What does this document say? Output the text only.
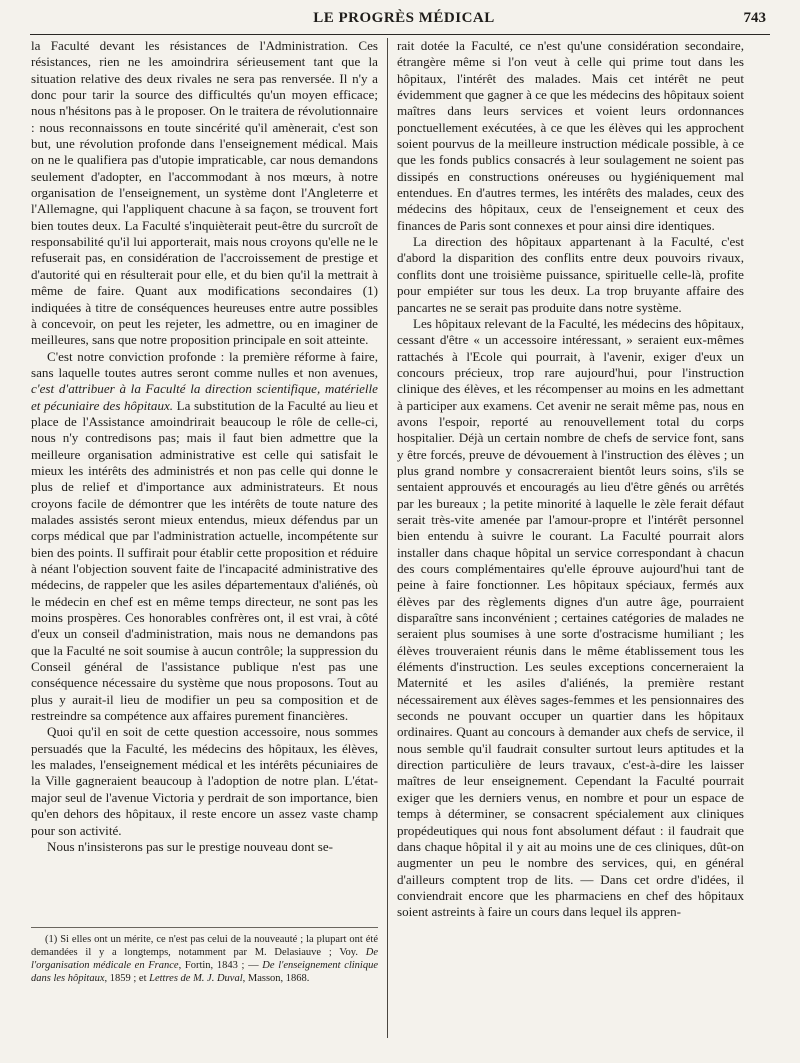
LE PROGRÈS MÉDICAL	743

la Faculté devant les résistances de l'Administration. Ces résistances, rien ne les amoindrira sérieusement tant que la situation relative des deux rivales ne sera pas renversée. Il n'y a donc pour tarir la source des difficultés qu'un moyen efficace; nous n'hésitons pas à le proposer. On le traitera de révolutionnaire : nous reconnaissons en toute sincérité qu'il amènerait, c'est son but, une révolution profonde dans l'enseignement médical. Mais on ne le qualifiera pas d'utopie impraticable, car nous demandons seulement d'adopter, en l'accommodant à nos mœurs, à notre organisation de l'enseignement, un système dont l'Angleterre et l'Allemagne, qui l'appliquent chacune à sa façon, se trouvent fort bien toutes deux. La Faculté s'inquièterait peut-être du surcroît de responsabilité qu'il lui apporterait, mais nous croyons qu'elle ne le refuserait pas, en considération de l'accroissement de prestige et d'autorité qui en résulterait pour elle, et du bien qu'il la mettrait à même de faire. Quant aux modifications secondaires (1) indiquées à titre de conséquences heureuses entre autre possibles à concevoir, on peut les rejeter, les admettre, ou en imaginer de meilleures, sans que notre proposition principale en soit atteinte.

C'est notre conviction profonde : la première réforme à faire, sans laquelle toutes autres seront comme nulles et non avenues, c'est d'attribuer à la Faculté la direction scientifique, matérielle et pécuniaire des hôpitaux. La substitution de la Faculté au lieu et place de l'Assistance amoindrirait beaucoup le rôle de celle-ci, nous n'y contredisons pas; mais il faut bien admettre que la meilleure organisation administrative est celle qui satisfait le mieux les intérêts des administrés et non pas celle qui donne le plus de relief et d'importance aux administrateurs. Et nous croyons facile de démontrer que les intérêts de toute nature des malades assistés seront mieux entendus, mieux défendus par un corps médical que par l'administration actuelle, incompétente sur bien des points. Il suffirait pour établir cette proposition et réduire à néant l'objection souvent faite de l'incapacité administrative des médecins, de rappeler que les asiles départementaux d'aliénés, où le médecin en chef est en même temps directeur, ne sont pas les moins prospères. Ces honorables confrères ont, il est vrai, à côté d'eux un conseil d'administration, mais nous ne demandons pas que la Faculté ne soit soumise à aucun contrôle; la suppression du Conseil général de l'assistance publique n'est pas une conséquence nécessaire du système que nous proposons. Tout au plus y aurait-il lieu de modifier un peu sa composition et de restreindre sa compétence aux affaires purement financières.

Quoi qu'il en soit de cette question accessoire, nous sommes persuadés que la Faculté, les médecins des hôpitaux, les élèves, les malades, l'enseignement médical et les intérêts pécuniaires de la Ville gagneraient beaucoup à l'adoption de notre plan. L'état-major seul de l'avenue Victoria y perdrait de son importance, bien qu'en dehors des hôpitaux, il reste encore un assez vaste champ pour son activité.

Nous n'insisterons pas sur le prestige nouveau dont se-

rait dotée la Faculté, ce n'est qu'une considération secondaire, étrangère même si l'on veut à celle qui prime tout dans les hôpitaux, l'intérêt des malades. Mais cet intérêt ne peut évidemment que gagner à ce que les médecins des hôpitaux soient maîtres dans leurs services et voient leurs ordonnances ponctuellement exécutées, à ce que les élèves qui les approchent soient pourvus de la meilleure instruction médicale possible, à ce que les fonds publics consacrés à leur soulagement ne soient pas dissipés en constructions onéreuses ou hygiéniquement mal entendues. En d'autres termes, les intérêts des malades, ceux des médecins des hôpitaux, ceux de l'enseignement et ceux des finances de Paris sont connexes et pour ainsi dire identiques.

La direction des hôpitaux appartenant à la Faculté, c'est d'abord la disparition des conflits entre deux pouvoirs rivaux, conflits dont une troisième puissance, spirituelle celle-là, profite pour empiéter sur tous les deux. La trop bruyante affaire des pancartes ne se serait pas produite dans notre système.

Les hôpitaux relevant de la Faculté, les médecins des hôpitaux, cessant d'être « un accessoire intéressant, » seraient eux-mêmes rattachés à l'Ecole qui pourrait, à l'avenir, exiger d'eux un concours précieux, trop rare aujourd'hui, pour l'instruction clinique des élèves, et les récompenser au moins en les admettant à participer aux examens. Cet avenir ne serait même pas, nous en avons l'espoir, reporté au renouvellement total du corps hospitalier. Déjà un certain nombre de chefs de service font, sans y être forcés, preuve de dévouement à l'instruction des élèves ; un plus grand nombre y consacreraient bientôt leurs soins, s'ils se sentaient approuvés et encouragés au lieu d'être gênés ou arrêtés par les bureaux ; la petite minorité à laquelle le zèle ferait défaut serait très-vite amenée par l'amour-propre et l'intérêt personnel bien entendu à suivre le courant. La Faculté pourrait alors installer dans chaque hôpital un service correspondant à chacun des cours complémentaires qu'elle éprouve aujourd'hui tant de peine à faire fonctionner. Les hôpitaux spéciaux, fermés aux élèves par des règlements dignes d'un autre âge, pourraient disparaître sans inconvénient ; certaines catégories de malades ne seraient plus soumises à une sorte d'ostracisme humiliant ; les élèves trouveraient réunis dans le même établissement tous les éléments d'instruction. Les seules exceptions concerneraient la Maternité et les asiles d'aliénés, la première restant nécessairement aux élèves sages-femmes et les pensionnaires des seconds ne pouvant occuper un quartier dans les hôpitaux ordinaires. Quant au concours à demander aux chefs de service, il nous semble qu'il faudrait consulter surtout leurs aptitudes et la direction particulière de leurs travaux, c'est-à-dire les laisser maîtres de leur enseignement. Cependant la Faculté pourrait exiger que les derniers venus, en nombre et pour un espace de temps à déterminer, se consacrent spécialement aux cliniques propédeutiques qui nous font absolument défaut : il faudrait que dans chaque hôpital il y ait au moins une de ces cliniques, dût-on augmenter un peu le nombre des services, qui, en général d'ailleurs comptent trop de lits. — Dans cet ordre d'idées, il conviendrait encore que les pharmaciens en chef des hôpitaux soient astreints à faire un cours dans lequel ils appren-

(1) Si elles ont un mérite, ce n'est pas celui de la nouveauté ; la plupart ont été demandées il y a longtemps, notamment par M. Delasiauve ; Voy. De l'organisation médicale en France, Fortin, 1843 ; — De l'enseignement clinique dans les hôpitaux, 1859 ; et Lettres de M. J. Duval, Masson, 1868.
